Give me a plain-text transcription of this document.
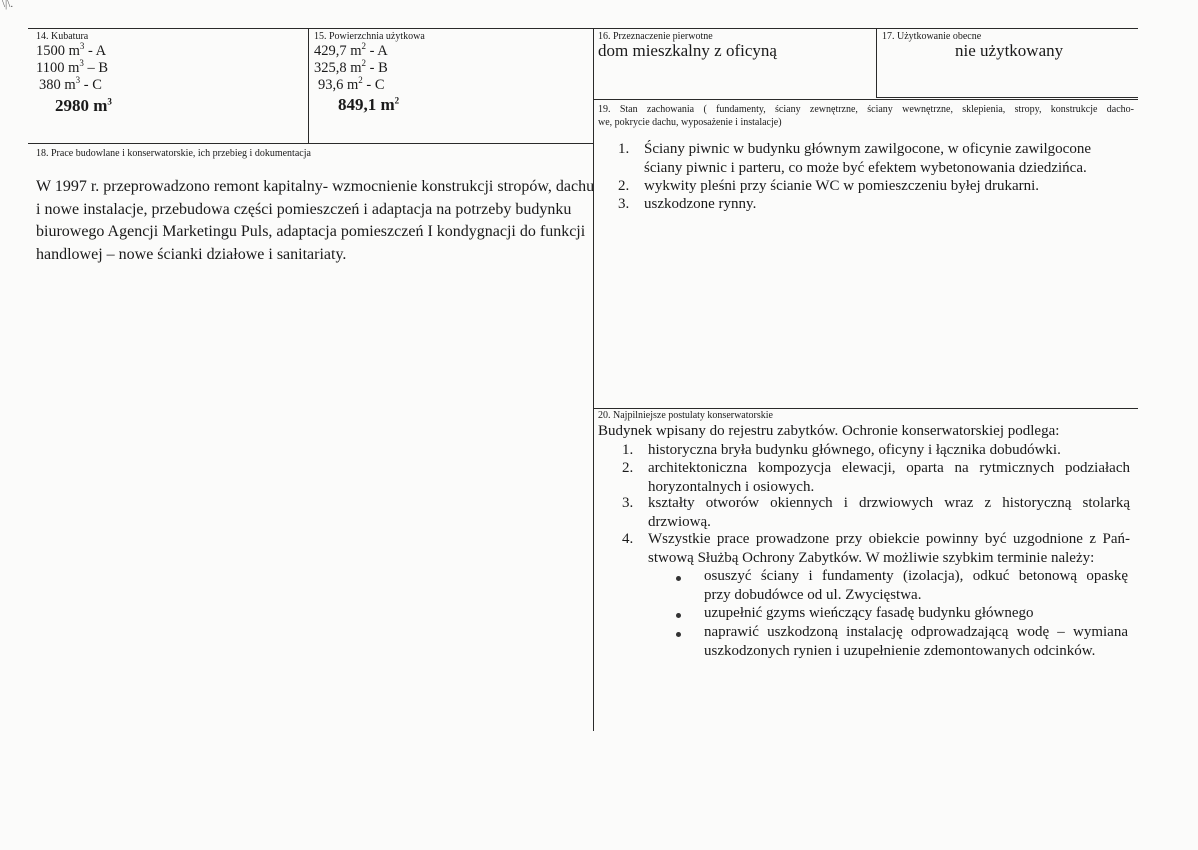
\|\.
14. Kubatura
1500 $m^3$ - A
1100 $m^3$ – B
380 $m^3$ - C
2980 $m^3$
15. Powierzchnia użytkowa
429,7 $m^2$ - A
325,8 $m^2$ - B
93,6 $m^2$ - C
849,1 $m^2$
16. Przeznaczenie pierwotne
dom mieszkalny z oficyną
17. Użytkowanie obecne
nie użytkowany
19. Stan zachowania ( fundamenty, ściany zewnętrzne, ściany wewnętrzne, sklepienia, stropy, konstrukcje dacho-
we, pokrycie dachu, wyposażenie i instalacje)
1. Ściany piwnic w budynku głównym zawilgocone, w oficynie zawilgocone
ściany piwnic i parteru, co może być efektem wybetonowania dziedzińca.
2. wykwity pleśni przy ścianie WC w pomieszczeniu byłej drukarni.
3. uszkodzone rynny.
18. Prace budowlane i konserwatorskie, ich przebieg i dokumentacja
W 1997 r. przeprowadzono remont kapitalny- wzmocnienie konstrukcji stropów, dachu
i nowe instalacje, przebudowa części pomieszczeń i adaptacja na potrzeby budynku
biurowego Agencji Marketingu Puls, adaptacja pomieszczeń I kondygnacji do funkcji
handlowej – nowe ścianki działowe i sanitariaty.
20. Najpilniejsze postulaty konserwatorskie
Budynek wpisany do rejestru zabytków. Ochronie konserwatorskiej podlega:
1. historyczna bryła budynku głównego, oficyny i łącznika dobudówki.
2. architektoniczna kompozycja elewacji, oparta na rytmicznych podziałach
horyzontalnych i osiowych.
3. kształty otworów okiennych i drzwiowych wraz z historyczną stolarką
drzwiową.
4. Wszystkie prace prowadzone przy obiekcie powinny być uzgodnione z Pań-
stwową Służbą Ochrony Zabytków. W możliwie szybkim terminie należy:
osuszyć ściany i fundamenty (izolacja), odkuć betonową opaskę
przy dobudówce od ul. Zwycięstwa.
uzupełnić gzyms wieńczący fasadę budynku głównego
naprawić uszkodzoną instalację odprowadzającą wodę – wymiana
uszkodzonych rynien i uzupełnienie zdemontowanych odcinków.
